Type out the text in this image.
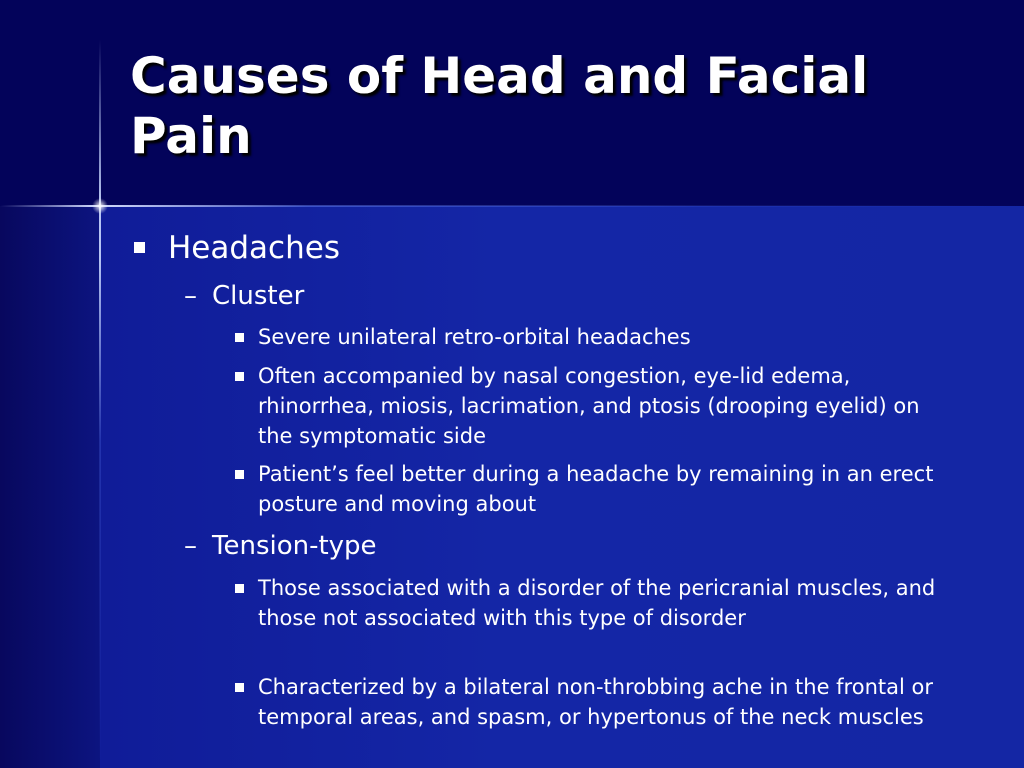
Causes of Head and Facial Pain
Headaches
– Cluster
Severe unilateral retro-orbital headaches
Often accompanied by nasal congestion, eye-lid edema, rhinorrhea, miosis, lacrimation, and ptosis (drooping eyelid) on the symptomatic side
Patient’s feel better during a headache by remaining in an erect posture and moving about
– Tension-type
Those associated with a disorder of the pericranial muscles, and those not associated with this type of disorder
Characterized by a bilateral non-throbbing ache in the frontal or temporal areas, and spasm, or hypertonus of the neck muscles
